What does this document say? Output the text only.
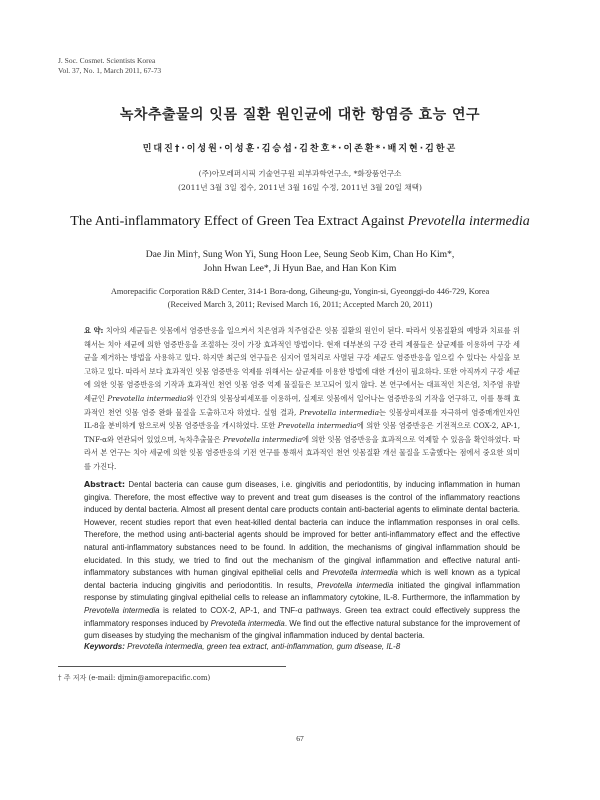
J. Soc. Cosmet. Scientists Korea
Vol. 37, No. 1, March 2011, 67-73
녹차추출물의 잇몸 질환 원인균에 대한 항염증 효능 연구
민대진†·이성원·이성훈·김승섭·김찬호*·이존환*·배지현·김한곤
(주)아모레퍼시픽 기술연구원 피부과학연구소, *화장품연구소
(2011년 3월 3일 접수, 2011년 3월 16일 수정, 2011년 3월 20일 채택)
The Anti-inflammatory Effect of Green Tea Extract Against Prevotella intermedia
Dae Jin Min†, Sung Won Yi, Sung Hoon Lee, Seung Seob Kim, Chan Ho Kim*,
John Hwan Lee*, Ji Hyun Bae, and Han Kon Kim
Amorepacific Corporation R&D Center, 314-1 Bora-dong, Giheung-gu, Yongin-si, Gyeonggi-do 446-729, Korea
(Received March 3, 2011; Revised March 16, 2011; Accepted March 20, 2011)
요 약: 치아의 세균들은 잇몸에서 염증반응을 일으켜서 치은염과 치주염같은 잇몸 질환의 원인이 된다. 따라서 잇몸질환의 예방과 치료를 위해서는 치아 세균에 의한 염증반응을 조절하는 것이 가장 효과적인 방법이다. 현재 대부분의 구강 관리 제품들은 살균제를 이용하여 구강 세균을 제거하는 방법을 사용하고 있다. 하지만 최근의 연구들은 심지어 열처리로 사멸된 구강 세균도 염증반응을 일으킬 수 있다는 사실을 보고하고 있다. 따라서 보다 효과적인 잇몸 염증반응 억제를 위해서는 살균제를 이용한 방법에 대한 개선이 필요하다. 또한 아직까지 구강 세균에 의한 잇몸 염증반응의 기작과 효과적인 천연 잇몸 염증 억제 물질들은 보고되어 있지 않다. 본 연구에서는 대표적인 치은염, 치주염 유발세균인 Prevotella intermedia와 인간의 잇몸상피세포를 이용하여, 실제로 잇몸에서 일어나는 염증반응의 기작을 연구하고, 이를 통해 효과적인 천연 잇몸 염증 완화 물질을 도출하고자 하였다. 실험 결과, Prevotella intermedia는 잇몸상피세포를 자극하여 염증매개인자인 IL-8을 분비하게 함으로써 잇몸 염증반응을 개시하였다. 또한 Prevotella intermedia에 의한 잇몸 염증반응은 기전적으로 COX-2, AP-1, TNF-α와 연관되어 있었으며, 녹차추출물은 Prevotella intermedia에 의한 잇몸 염증반응을 효과적으로 억제할 수 있음을 확인하였다. 따라서 본 연구는 치아 세균에 의한 잇몸 염증반응의 기전 연구를 통해서 효과적인 천연 잇몸질환 개선 물질을 도출했다는 점에서 중요한 의미를 가진다.
Abstract: Dental bacteria can cause gum diseases, i.e. gingivitis and periodontitis, by inducing inflammation in human gingiva. Therefore, the most effective way to prevent and treat gum diseases is the control of the inflammatory reactions induced by dental bacteria. Almost all present dental care products contain anti-bacterial agents to eliminate dental bacteria. However, recent studies report that even heat-killed dental bacteria can induce the inflammation responses in oral cells. Therefore, the method using anti-bacterial agents should be improved for better anti-inflammatory effect and the effective natural anti-inflammatory substances need to be found. In addition, the mechanisms of gingival inflammation should be elucidated. In this study, we tried to find out the mechanism of the gingival inflammation and effective natural anti-inflammatory substances with human gingival epithelial cells and Prevotella intermedia which is well known as a typical dental bacteria inducing gingivitis and periodontitis. In results, Prevotella intermedia initiated the gingival inflammation response by stimulating gingival epithelial cells to release an inflammatory cytokine, IL-8. Furthermore, the inflammation by Prevotella intermedia is related to COX-2, AP-1, and TNF-α pathways. Green tea extract could effectively suppress the inflammatory responses induced by Prevotella intermedia. We find out the effective natural substance for the improvement of gum diseases by studying the mechanism of the gingival inflammation induced by dental bacteria.
Keywords: Prevotella intermedia, green tea extract, anti-inflammation, gum disease, IL-8
† 주 저자 (e-mail: djmin@amorepacific.com)
67
